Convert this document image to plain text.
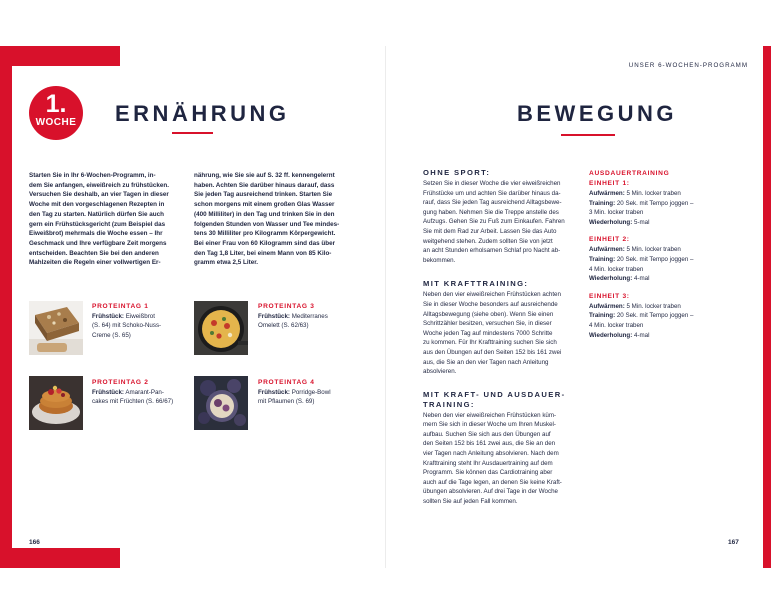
UNSER 6-WOCHEN-PROGRAMM
1.
WOCHE ERNÄHRUNG	BEWEGUNG

Starten Sie in Ihr 6-Wochen-Programm, in-

dem Sie anfangen, eiweißreich zu frühstücken.

Versuchen Sie deshalb, an vier Tagen in dieser

Woche mit den vorgeschlagenen Rezepten in

den Tag zu starten. Natürlich dürfen Sie auch

gern ein Frühstücksgericht (zum Beispiel das

Eiweißbrot) mehrmals die Woche essen – Ihr

Geschmack und Ihre verfügbare Zeit morgens

entscheiden. Beachten Sie bei den anderen

Mahlzeiten die Regeln einer vollwertigen Er-

nährung, wie Sie sie auf S. 32 ff. kennengelernt

haben. Achten Sie darüber hinaus darauf, dass

Sie jeden Tag ausreichend trinken. Starten Sie

schon morgens mit einem großen Glas Wasser

(400 Milliliter) in den Tag und trinken Sie in den

folgenden Stunden von Wasser und Tee mindes-

tens 30 Milliliter pro Kilogramm Körpergewicht.

Bei einer Frau von 60 Kilogramm sind das über

den Tag 1,8 Liter, bei einem Mann von 85 Kilo-

gramm etwa 2,5 Liter.

PROTEINTAG 1

Frühstück: Eiweißbrot

(S. 64) mit Schoko-Nuss-

Creme (S. 65)

PROTEINTAG 3

Frühstück: Mediterranes

Omelett (S. 62/63)

PROTEINTAG 2

Frühstück: Amarant-Pan-

cakes mit Früchten (S. 66/67)

PROTEINTAG 4

Frühstück: Porridge-Bowl

mit Pflaumen (S. 69)

166	167

OHNE SPORT:

Setzen Sie in dieser Woche die vier eiweißreichen

Frühstücke um und achten Sie darüber hinaus da-

rauf, dass Sie jeden Tag ausreichend Alltagsbewe-

gung haben. Nehmen Sie die Treppe anstelle des

Aufzugs. Gehen Sie zu Fuß zum Einkaufen. Fahren

Sie mit dem Rad zur Arbeit. Lassen Sie das Auto

weitgehend stehen. Zudem sollten Sie von jetzt

an acht Stunden erholsamen Schlaf pro Nacht ab-

bekommen.

MIT KRAFTTRAINING:

Neben den vier eiweißreichen Frühstücken achten

Sie in dieser Woche besonders auf ausreichende

Alltagsbewegung (siehe oben). Wenn Sie einen

Schrittzähler besitzen, versuchen Sie, in dieser

Woche jeden Tag auf mindestens 7000 Schritte

zu kommen. Für Ihr Krafttraining suchen Sie sich

aus den Übungen auf den Seiten 152 bis 161 zwei

aus, die Sie an den vier Tagen nach Anleitung

absolvieren.

MIT KRAFT- UND AUSDAUER-

TRAINING:

Neben den vier eiweißreichen Frühstücken küm-

mern Sie sich in dieser Woche um Ihren Muskel-

aufbau. Suchen Sie sich aus den Übungen auf

den Seiten 152 bis 161 zwei aus, die Sie an den

vier Tagen nach Anleitung absolvieren. Nach dem

Krafttraining steht Ihr Ausdauertraining auf dem

Programm. Sie können das Cardiotraining aber

auch auf die Tage legen, an denen Sie keine Kraft-

übungen absolvieren. Auf drei Tage in der Woche

sollten Sie auf jeden Fall kommen.

AUSDAUERTRAINING

EINHEIT 1:

Aufwärmen: 5 Min. locker traben

Training: 20 Sek. mit Tempo joggen –

3 Min. locker traben

Wiederholung: 5-mal

EINHEIT 2:

Aufwärmen: 5 Min. locker traben

Training: 20 Sek. mit Tempo joggen –

4 Min. locker traben

Wiederholung: 4-mal

EINHEIT 3:

Aufwärmen: 5 Min. locker traben

Training: 20 Sek. mit Tempo joggen –

4 Min. locker traben

Wiederholung: 4-mal
